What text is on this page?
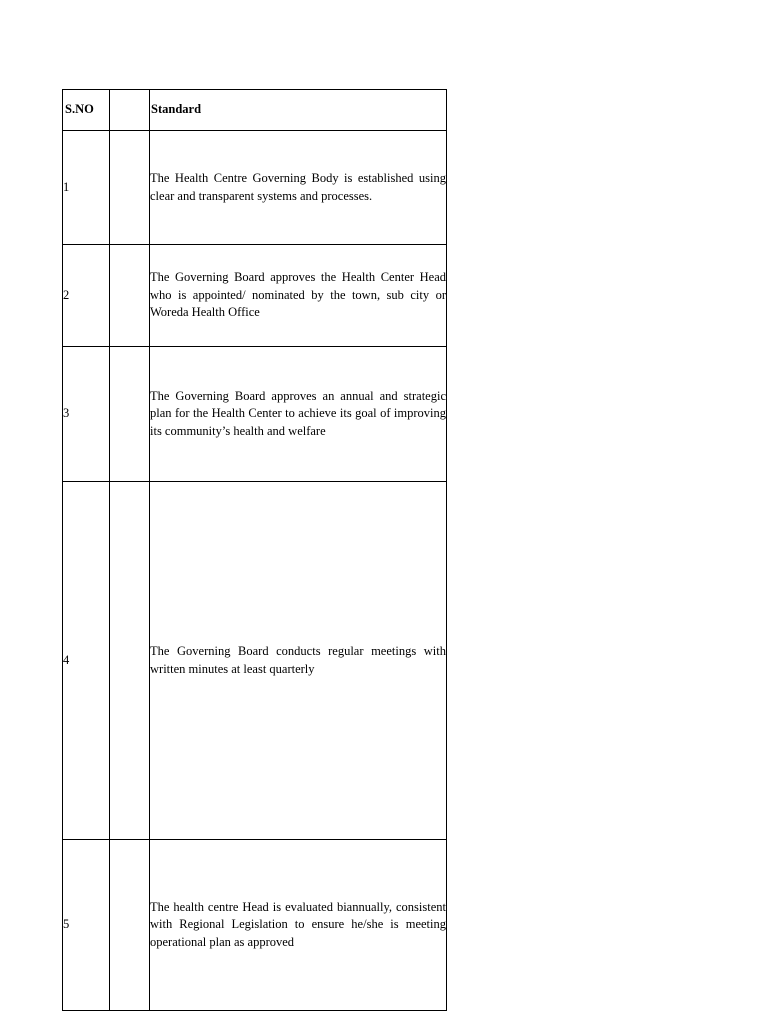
S.NO		Standard
1		The Health Centre Governing Body is established using clear and transparent systems and processes.

2		The Governing Board approves the Health Center Head who is appointed/ nominated by the town, sub city or Woreda Health Office

3		The Governing Board approves an annual and strategic plan for the Health Center to achieve its goal of improving its community’s health and welfare

4		The Governing Board conducts regular meetings with written minutes at least quarterly

5		The health centre Head is evaluated biannually, consistent with Regional Legislation to ensure he/she is meeting operational plan as approved
